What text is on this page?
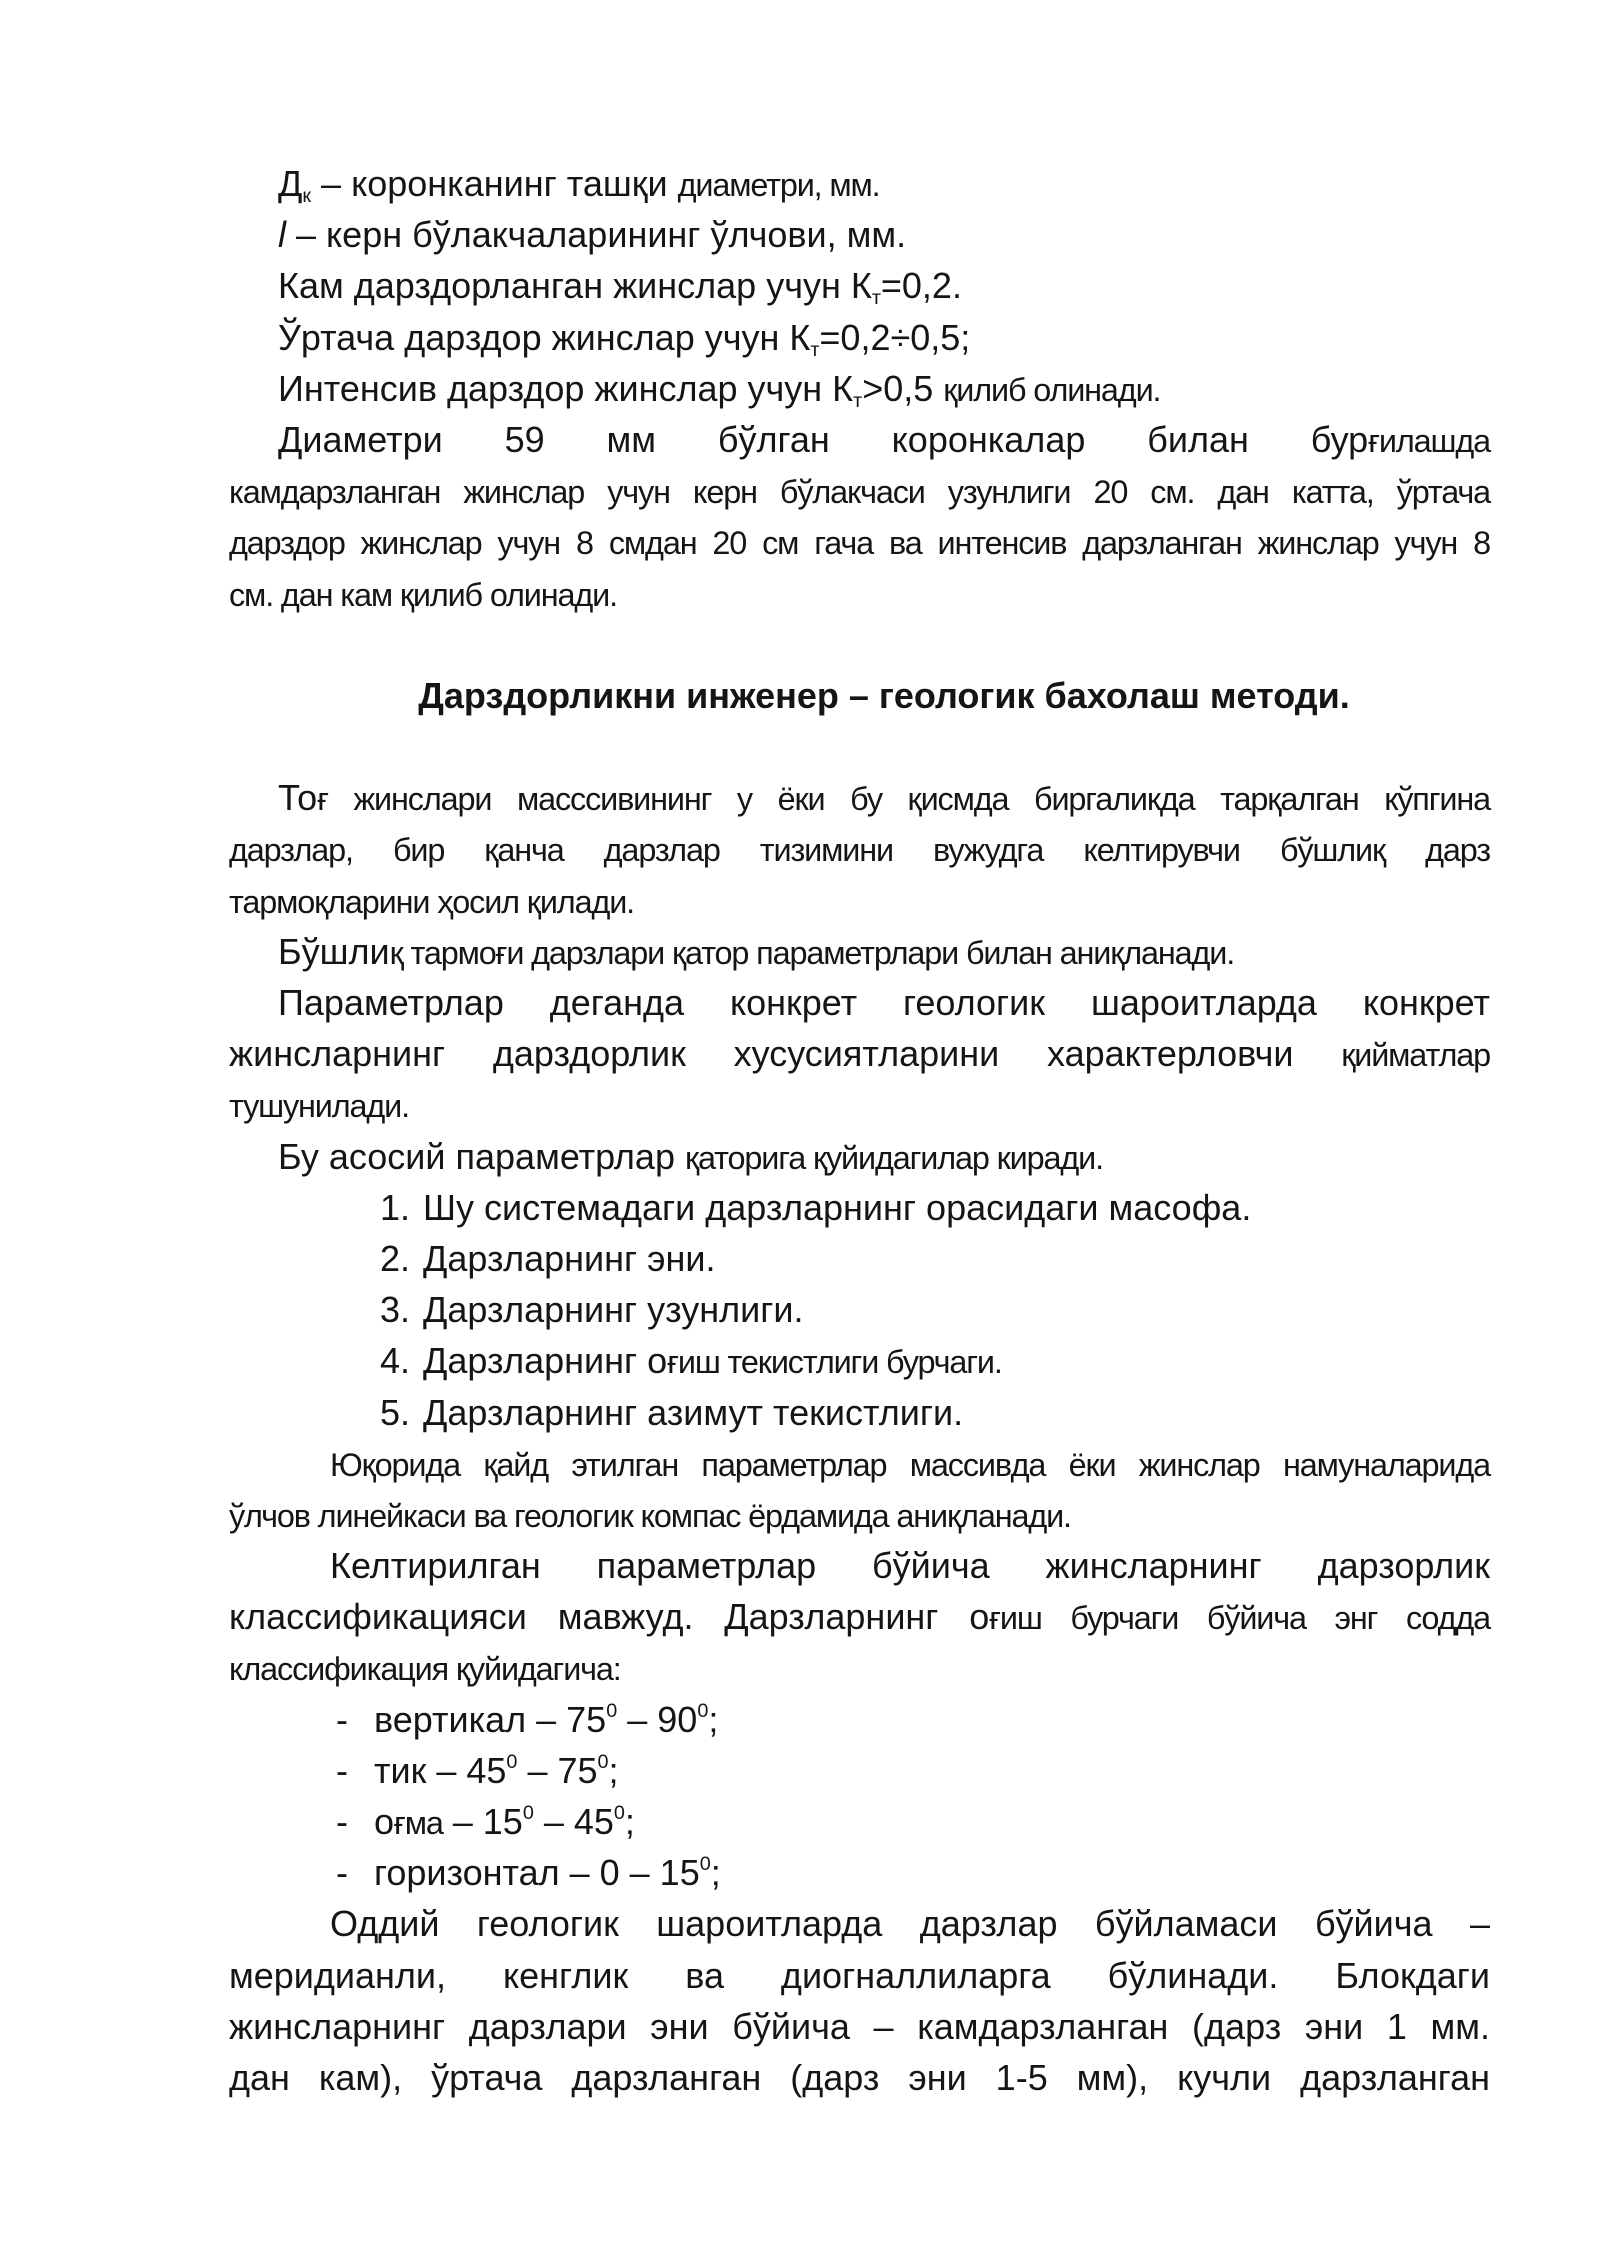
Дк – коронканинг ташқи диаметри, мм.
l – керн бўлакчаларининг ўлчови, мм.
Кам дарздорланган жинслар учун Кт=0,2.
Ўртача дарздор жинслар учун Кт=0,2÷0,5;
Интенсив дарздор жинслар учун Кт>0,5 қилиб олинади.
Диаметри 59 мм бўлган коронкалар билан бурғилашда
камдарзланган жинслар учун керн бўлакчаси узунлиги 20 см. дан катта, ўртача
дарздор жинслар учун 8 смдан 20 см гача ва интенсив дарзланган жинслар учун 8
см. дан кам қилиб олинади.
Дарздорликни инженер – геологик бахолаш методи.
Тоғ жинслари масссивининг у ёки бу қисмда биргаликда тарқалган кўпгина
дарзлар, бир қанча дарзлар тизимини вужудга келтирувчи бўшлиқ дарз
тармоқларини ҳосил қилади.
Бўшлиқ тармоғи дарзлари қатор параметрлари билан аниқланади.
Параметрлар деганда конкрет геологик шароитларда конкрет
жинсларнинг дарздорлик хусусиятларини характерловчи қийматлар
тушунилади.
Бу асосий параметрлар қаторига қуйидагилар киради.
1. Шу системадаги дарзларнинг орасидаги масофа.
2. Дарзларнинг эни.
3. Дарзларнинг узунлиги.
4. Дарзларнинг оғиш текистлиги бурчаги.
5. Дарзларнинг азимут текистлиги.
Юқорида қайд этилган параметрлар массивда ёки жинслар намуналарида
ўлчов линейкаси ва геологик компас ёрдамида аниқланади.
Келтирилган параметрлар бўйича жинсларнинг дарзорлик
классификацияси мавжуд. Дарзларнинг оғиш бурчаги бўйича энг содда
классификация қуйидагича:
- вертикал – $75^0 - 90^0$;
- тик – $45^0 - 75^0$;
- оғма – $15^0 - 45^0$;
- горизонтал – $0 - 15^0$;
Оддий геологик шароитларда дарзлар бўйламаси бўйича –
меридианли, кенглик ва диогналлиларга бўлинади. Блокдаги
жинсларнинг дарзлари эни бўйича – камдарзланган (дарз эни 1 мм.
дан кам), ўртача дарзланган (дарз эни 1-5 мм), кучли дарзланган
